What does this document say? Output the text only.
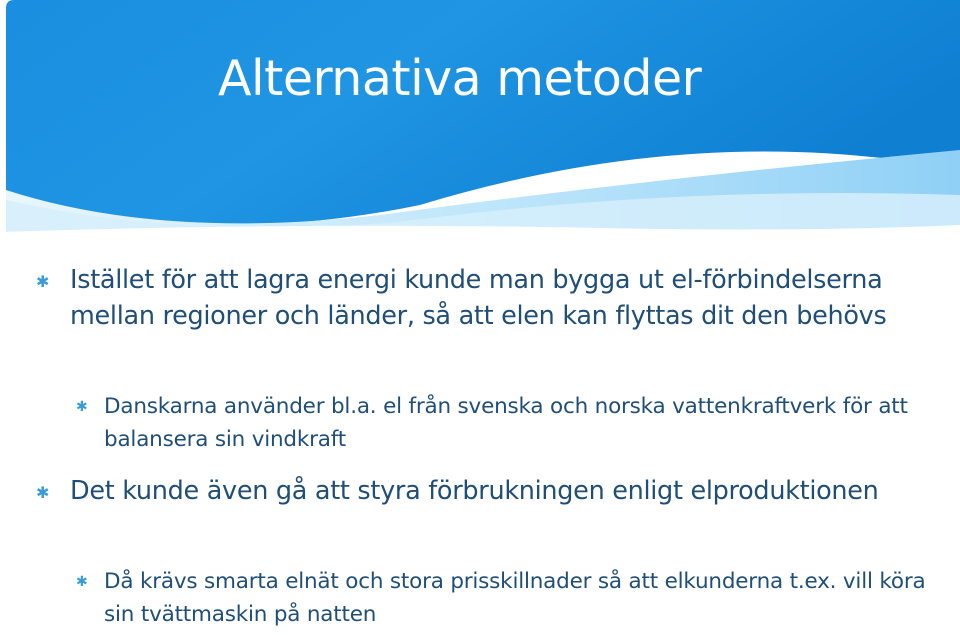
Alternativa metoder
✱ Istället för att lagra energi kunde man bygga ut el-förbindelserna mellan regioner och länder, så att elen kan flyttas dit den behövs
✱ Danskarna använder bl.a. el från svenska och norska vattenkraftverk för att balansera sin vindkraft
✱ Det kunde även gå att styra förbrukningen enligt elproduktionen
✱ Då krävs smarta elnät och stora prisskillnader så att elkunderna t.ex. vill köra sin tvättmaskin på natten
